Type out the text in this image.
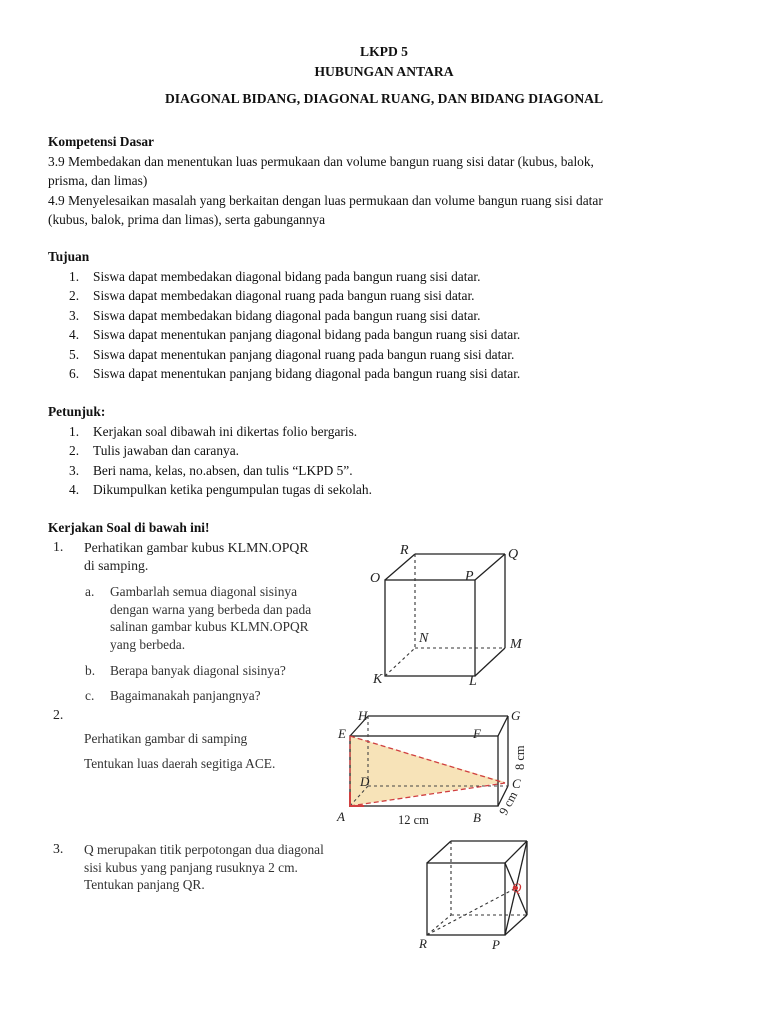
LKPD 5
HUBUNGAN ANTARA
DIAGONAL BIDANG, DIAGONAL RUANG, DAN BIDANG DIAGONAL
Kompetensi Dasar
3.9 Membedakan dan menentukan luas permukaan dan volume bangun ruang sisi datar (kubus, balok,
prisma, dan limas)
4.9 Menyelesaikan masalah yang berkaitan dengan luas permukaan dan volume bangun ruang sisi datar
(kubus, balok, prima dan limas), serta gabungannya
Tujuan
1. Siswa dapat membedakan diagonal bidang pada bangun ruang sisi datar.
2. Siswa dapat membedakan diagonal ruang pada bangun ruang sisi datar.
3. Siswa dapat membedakan bidang diagonal pada bangun ruang sisi datar.
4. Siswa dapat menentukan panjang diagonal bidang pada bangun ruang sisi datar.
5. Siswa dapat menentukan panjang diagonal ruang pada bangun ruang sisi datar.
6. Siswa dapat menentukan panjang bidang diagonal pada bangun ruang sisi datar.
Petunjuk:
1. Kerjakan soal dibawah ini dikertas folio bergaris.
2. Tulis jawaban dan caranya.
3. Beri nama, kelas, no.absen, dan tulis “LKPD 5”.
4. Dikumpulkan ketika pengumpulan tugas di sekolah.
Kerjakan Soal di bawah ini!
1. Perhatikan gambar kubus KLMN.OPQR
di samping.
a. Gambarlah semua diagonal sisinya
dengan warna yang berbeda dan pada
salinan gambar kubus KLMN.OPQR
yang berbeda.
b. Berapa banyak diagonal sisinya?
c. Bagaimanakah panjangnya?
R	Q
O	P
N	M
K	L
2.
Perhatikan gambar di samping
Tentukan luas daerah segitiga ACE.
H	G
E	F
D	C
A	B
12 cm
8 cm
9 cm
3. Q merupakan titik perpotongan dua diagonal
sisi kubus yang panjang rusuknya 2 cm.
Tentukan panjang QR.	Q
R	P
